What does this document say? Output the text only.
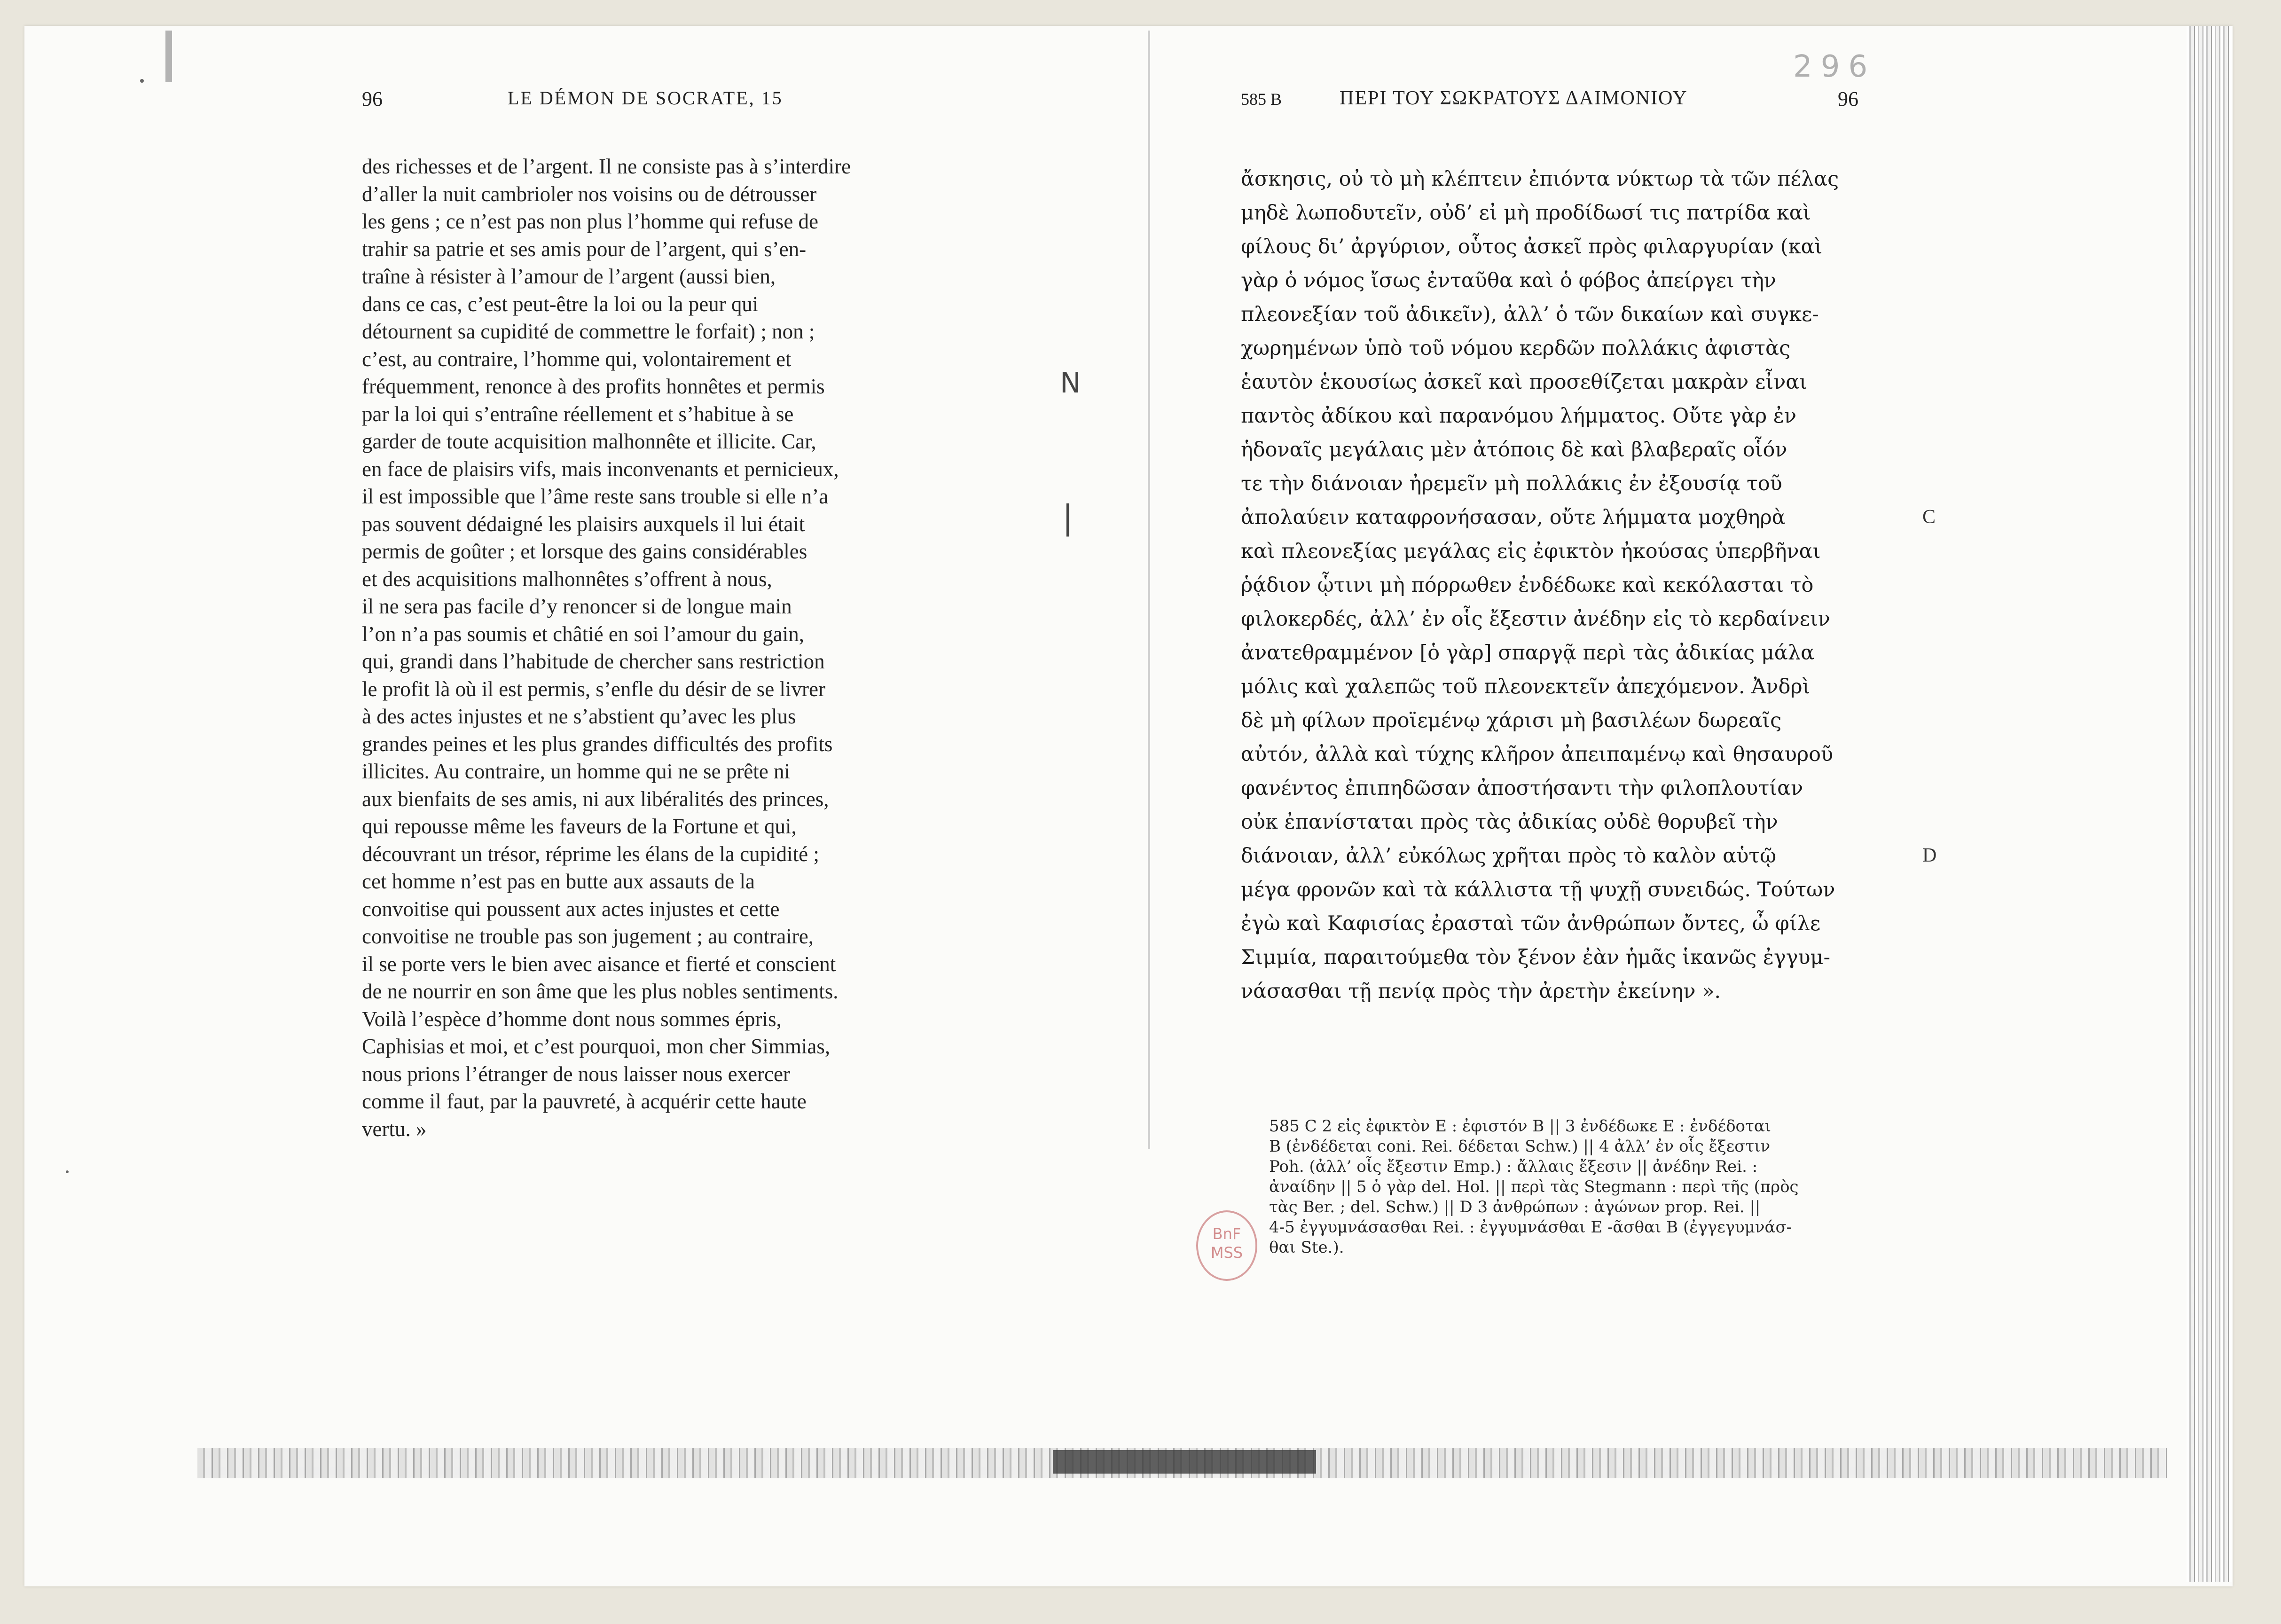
296
96	LE DÉMON DE SOCRATE, 15	585 B	ΠΕΡΙ ΤΟΥ ΣΩΚΡΑΤΟΥΣ ΔΑΙΜΟΝΙΟΥ	96
des richesses et de l’argent. Il ne consiste pas à s’interdire
d’aller la nuit cambrioler nos voisins ou de détrousser
les gens ; ce n’est pas non plus l’homme qui refuse de
trahir sa patrie et ses amis pour de l’argent, qui s’en-
traîne à résister à l’amour de l’argent (aussi bien,
dans ce cas, c’est peut-être la loi ou la peur qui
détournent sa cupidité de commettre le forfait) ; non ;
c’est, au contraire, l’homme qui, volontairement et
fréquemment, renonce à des profits honnêtes et permis
par la loi qui s’entraîne réellement et s’habitue à se
garder de toute acquisition malhonnête et illicite. Car,
en face de plaisirs vifs, mais inconvenants et pernicieux,
il est impossible que l’âme reste sans trouble si elle n’a
pas souvent dédaigné les plaisirs auxquels il lui était
permis de goûter ; et lorsque des gains considérables
et des acquisitions malhonnêtes s’offrent à nous,
il ne sera pas facile d’y renoncer si de longue main
l’on n’a pas soumis et châtié en soi l’amour du gain,
qui, grandi dans l’habitude de chercher sans restriction
le profit là où il est permis, s’enfle du désir de se livrer
à des actes injustes et ne s’abstient qu’avec les plus
grandes peines et les plus grandes difficultés des profits
illicites. Au contraire, un homme qui ne se prête ni
aux bienfaits de ses amis, ni aux libéralités des princes,
qui repousse même les faveurs de la Fortune et qui,
découvrant un trésor, réprime les élans de la cupidité ;
cet homme n’est pas en butte aux assauts de la
convoitise qui poussent aux actes injustes et cette
convoitise ne trouble pas son jugement ; au contraire,
il se porte vers le bien avec aisance et fierté et conscient
de ne nourrir en son âme que les plus nobles sentiments.
Voilà l’espèce d’homme dont nous sommes épris,
Caphisias et moi, et c’est pourquoi, mon cher Simmias,
nous prions l’étranger de nous laisser nous exercer
comme il faut, par la pauvreté, à acquérir cette haute
vertu. »
N
|
ἄσκησις, οὐ τὸ μὴ κλέπτειν ἐπιόντα νύκτωρ τὰ τῶν πέλας
μηδὲ λωποδυτεῖν, οὐδ’ εἰ μὴ προδίδωσί τις πατρίδα καὶ
φίλους δι’ ἀργύριον, οὗτος ἀσκεῖ πρὸς φιλαργυρίαν (καὶ
γὰρ ὁ νόμος ἴσως ἐνταῦθα καὶ ὁ φόβος ἀπείργει τὴν
πλεονεξίαν τοῦ ἀδικεῖν), ἀλλ’ ὁ τῶν δικαίων καὶ συγκε-
χωρημένων ὑπὸ τοῦ νόμου κερδῶν πολλάκις ἀφιστὰς
ἑαυτὸν ἑκουσίως ἀσκεῖ καὶ προσεθίζεται μακρὰν εἶναι
παντὸς ἀδίκου καὶ παρανόμου λήμματος. Οὔτε γὰρ ἐν
ἡδοναῖς μεγάλαις μὲν ἀτόποις δὲ καὶ βλαβεραῖς οἷόν
τε τὴν διάνοιαν ἠρεμεῖν μὴ πολλάκις ἐν ἐξουσίᾳ τοῦ
ἀπολαύειν καταφρονήσασαν, οὔτε λήμματα μοχθηρὰ
καὶ πλεονεξίας μεγάλας εἰς ἐφικτὸν ἠκούσας ὑπερβῆναι
ῥᾴδιον ᾧτινι μὴ πόρρωθεν ἐνδέδωκε καὶ κεκόλασται τὸ
φιλοκερδές, ἀλλ’ ἐν οἷς ἔξεστιν ἀνέδην εἰς τὸ κερδαίνειν
ἀνατεθραμμένον [ὁ γὰρ] σπαργᾷ περὶ τὰς ἀδικίας μάλα
μόλις καὶ χαλεπῶς τοῦ πλεονεκτεῖν ἀπεχόμενον. Ἀνδρὶ
δὲ μὴ φίλων προϊεμένῳ χάρισι μὴ βασιλέων δωρεαῖς
αὐτόν, ἀλλὰ καὶ τύχης κλῆρον ἀπειπαμένῳ καὶ θησαυροῦ
φανέντος ἐπιπηδῶσαν ἀποστήσαντι τὴν φιλοπλουτίαν
οὐκ ἐπανίσταται πρὸς τὰς ἀδικίας οὐδὲ θορυβεῖ τὴν
διάνοιαν, ἀλλ’ εὐκόλως χρῆται πρὸς τὸ καλὸν αὑτῷ
μέγα φρονῶν καὶ τὰ κάλλιστα τῇ ψυχῇ συνειδώς. Τούτων
ἐγὼ καὶ Καφισίας ἐρασταὶ τῶν ἀνθρώπων ὄντες, ὦ φίλε
Σιμμία, παραιτούμεθα τὸν ξένον ἐὰν ἡμᾶς ἱκανῶς ἐγγυμ-
νάσασθαι τῇ πενίᾳ πρὸς τὴν ἀρετὴν ἐκείνην ».
C
D
585 C 2 εἰς ἐφικτὸν E : ἐφιστόν B || 3 ἐνδέδωκε E : ἐνδέδοται
B (ἐνδέδεται coni. Rei. δέδεται Schw.) || 4 ἀλλ’ ἐν οἷς ἔξεστιν
Poh. (ἀλλ’ οἷς ἔξεστιν Emp.) : ἄλλαις ἔξεσιν || ἀνέδην Rei. :
ἀναίδην || 5 ὁ γὰρ del. Hol. || περὶ τὰς Stegmann : περὶ τῆς (πρὸς
τὰς Ber. ; del. Schw.) || D 3 ἀνθρώπων : ἀγώνων prop. Rei. ||
4-5 ἐγγυμνάσασθαι Rei. : ἐγγυμνάσθαι E -ᾶσθαι B (ἐγγεγυμνάσ-
θαι Ste.).
BnF
MSS
